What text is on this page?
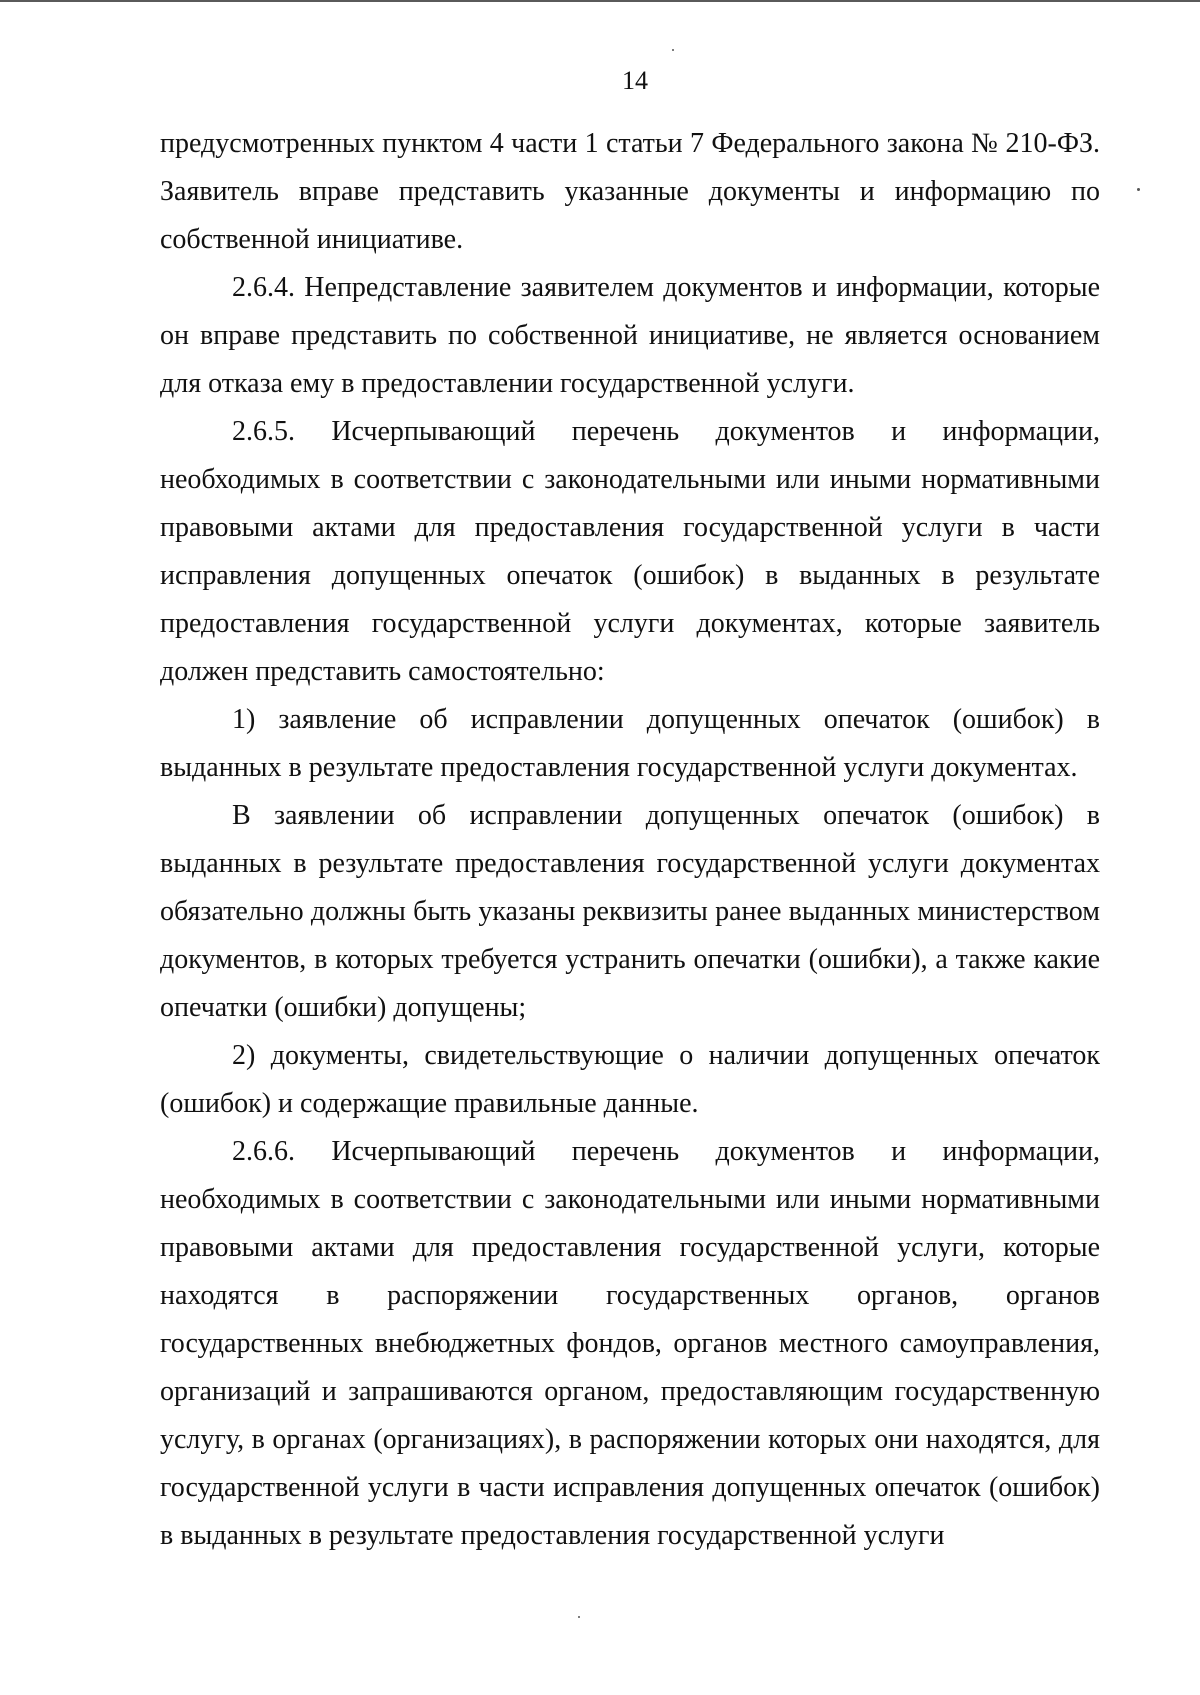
14

предусмотренных пунктом 4 части 1 статьи 7 Федерального закона № 210-ФЗ. Заявитель вправе представить указанные документы и информацию по собственной инициативе.

2.6.4. Непредставление заявителем документов и информации, которые он вправе представить по собственной инициативе, не является основанием для отказа ему в предоставлении государственной услуги.

2.6.5. Исчерпывающий перечень документов и информации, необходимых в соответствии с законодательными или иными нормативными правовыми актами для предоставления государственной услуги в части исправления допущенных опечаток (ошибок) в выданных в результате предоставления государственной услуги документах, которые заявитель должен представить самостоятельно:

1) заявление об исправлении допущенных опечаток (ошибок) в выданных в результате предоставления государственной услуги документах.

В заявлении об исправлении допущенных опечаток (ошибок) в выданных в результате предоставления государственной услуги документах обязательно должны быть указаны реквизиты ранее выданных министерством документов, в которых требуется устранить опечатки (ошибки), а также какие опечатки (ошибки) допущены;

2) документы, свидетельствующие о наличии допущенных опечаток (ошибок) и содержащие правильные данные.

2.6.6. Исчерпывающий перечень документов и информации, необходимых в соответствии с законодательными или иными нормативными правовыми актами для предоставления государственной услуги, которые находятся в распоряжении государственных органов, органов государственных внебюджетных фондов, органов местного самоуправления, организаций и запрашиваются органом, предоставляющим государственную услугу, в органах (организациях), в распоряжении которых они находятся, для государственной услуги в части исправления допущенных опечаток (ошибок) в выданных в результате предоставления государственной услуги
